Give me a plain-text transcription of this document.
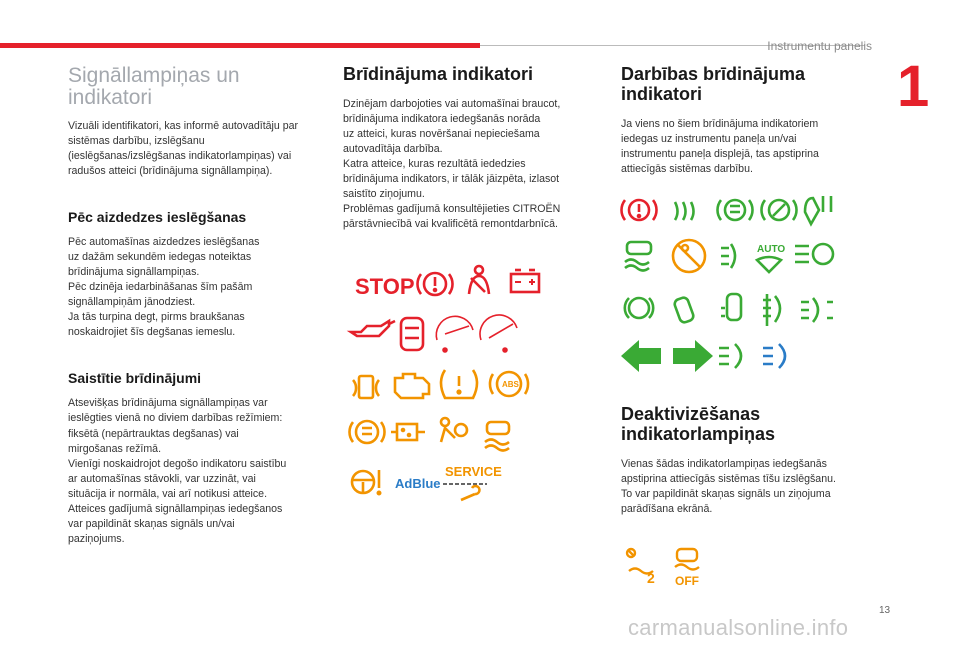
Instrumentu panelis
1
13
carmanualsonline.info
Signāllampiņas un
indikatori

Vizuāli identifikatori, kas informē autovadītāju par sistēmas darbību, izslēgšanu (ieslēgšanas/izslēgšanas indikatorlampiņas) vai radušos atteici (brīdinājuma signāllampiņa).

Pēc aizdedzes ieslēgšanas

Pēc automašīnas aizdedzes ieslēgšanas
uz dažām sekundēm iedegas noteiktas
brīdinājuma signāllampiņas.
Pēc dzinēja iedarbināšanas šīm pašām
signāllampiņām jānodziest.
Ja tās turpina degt, pirms braukšanas
noskaidrojiet šīs degšanas iemeslu.

Saistītie brīdinājumi

Atsevišķas brīdinājuma signāllampiņas var
ieslēgties vienā no diviem darbības režīmiem:
fiksētā (nepārtrauktas degšanas) vai
mirgošanas režīmā.
Vienīgi noskaidrojot degošo indikatoru saistību
ar automašīnas stāvokli, var uzzināt, vai
situācija ir normāla, vai arī notikusi atteice.
Atteices gadījumā signāllampiņas iedegšanos
var papildināt skaņas signāls un/vai
paziņojums.

Brīdinājuma indikatori

Dzinējam darbojoties vai automašīnai braucot,
brīdinājuma indikatora iedegšanās norāda
uz atteici, kuras novēršanai nepieciešama
autovadītāja darbība.
Katra atteice, kuras rezultātā iededzies
brīdinājuma indikators, ir tālāk jāizpēta, izlasot
saistīto ziņojumu.
Problēmas gadījumā konsultējieties CITROËN
pārstāvniecībā vai kvalificētā remontdarbnīcā.

STOP
ABS
AdBlue
SERVICE
Darbības brīdinājuma
indikatori

Ja viens no šiem brīdinājuma indikatoriem
iedegas uz instrumentu paneļa un/vai
instrumentu paneļa displejā, tas apstiprina
attiecīgās sistēmas darbību.

AUTO
Deaktivizēšanas
indikatorlampiņas

Vienas šādas indikatorlampiņas iedegšanās
apstiprina attiecīgās sistēmas tīšu izslēgšanu.
To var papildināt skaņas signāls un ziņojuma
parādīšana ekrānā.

2 OFF
